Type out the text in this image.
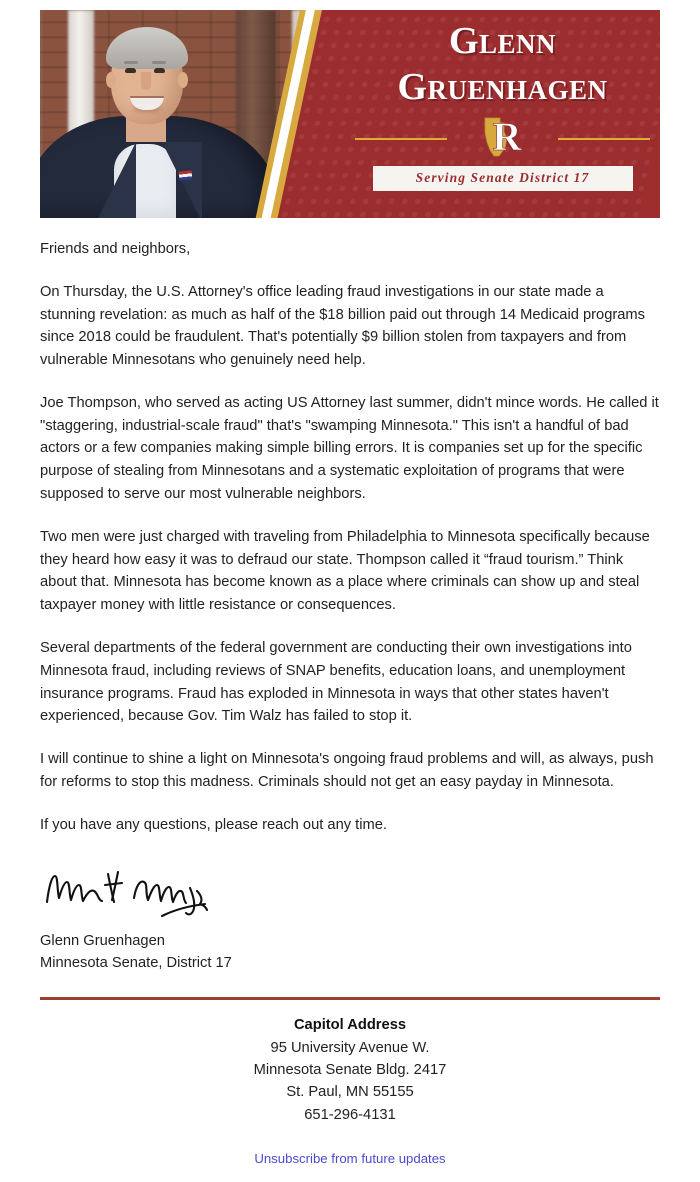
Glenn
Gruenhagen
R
Serving Senate District 17

Friends and neighbors,

On Thursday, the U.S. Attorney's office leading fraud investigations in our state made a stunning revelation: as much as half of the $18 billion paid out through 14 Medicaid programs since 2018 could be fraudulent. That's potentially $9 billion stolen from taxpayers and from vulnerable Minnesotans who genuinely need help.

Joe Thompson, who served as acting US Attorney last summer, didn't mince words. He called it "staggering, industrial-scale fraud" that's "swamping Minnesota." This isn't a handful of bad actors or a few companies making simple billing errors. It is companies set up for the specific purpose of stealing from Minnesotans and a systematic exploitation of programs that were supposed to serve our most vulnerable neighbors.

Two men were just charged with traveling from Philadelphia to Minnesota specifically because they heard how easy it was to defraud our state. Thompson called it “fraud tourism.” Think about that. Minnesota has become known as a place where criminals can show up and steal taxpayer money with little resistance or consequences.

Several departments of the federal government are conducting their own investigations into Minnesota fraud, including reviews of SNAP benefits, education loans, and unemployment insurance programs. Fraud has exploded in Minnesota in ways that other states haven't experienced, because Gov. Tim Walz has failed to stop it.

I will continue to shine a light on Minnesota's ongoing fraud problems and will, as always, push for reforms to stop this madness. Criminals should not get an easy payday in Minnesota.

If you have any questions, please reach out any time.

Glenn Gruenhagen
Minnesota Senate, District 17
Capitol Address
95 University Avenue W.
Minnesota Senate Bldg. 2417
St. Paul, MN 55155
651-296-4131
Unsubscribe from future updates
